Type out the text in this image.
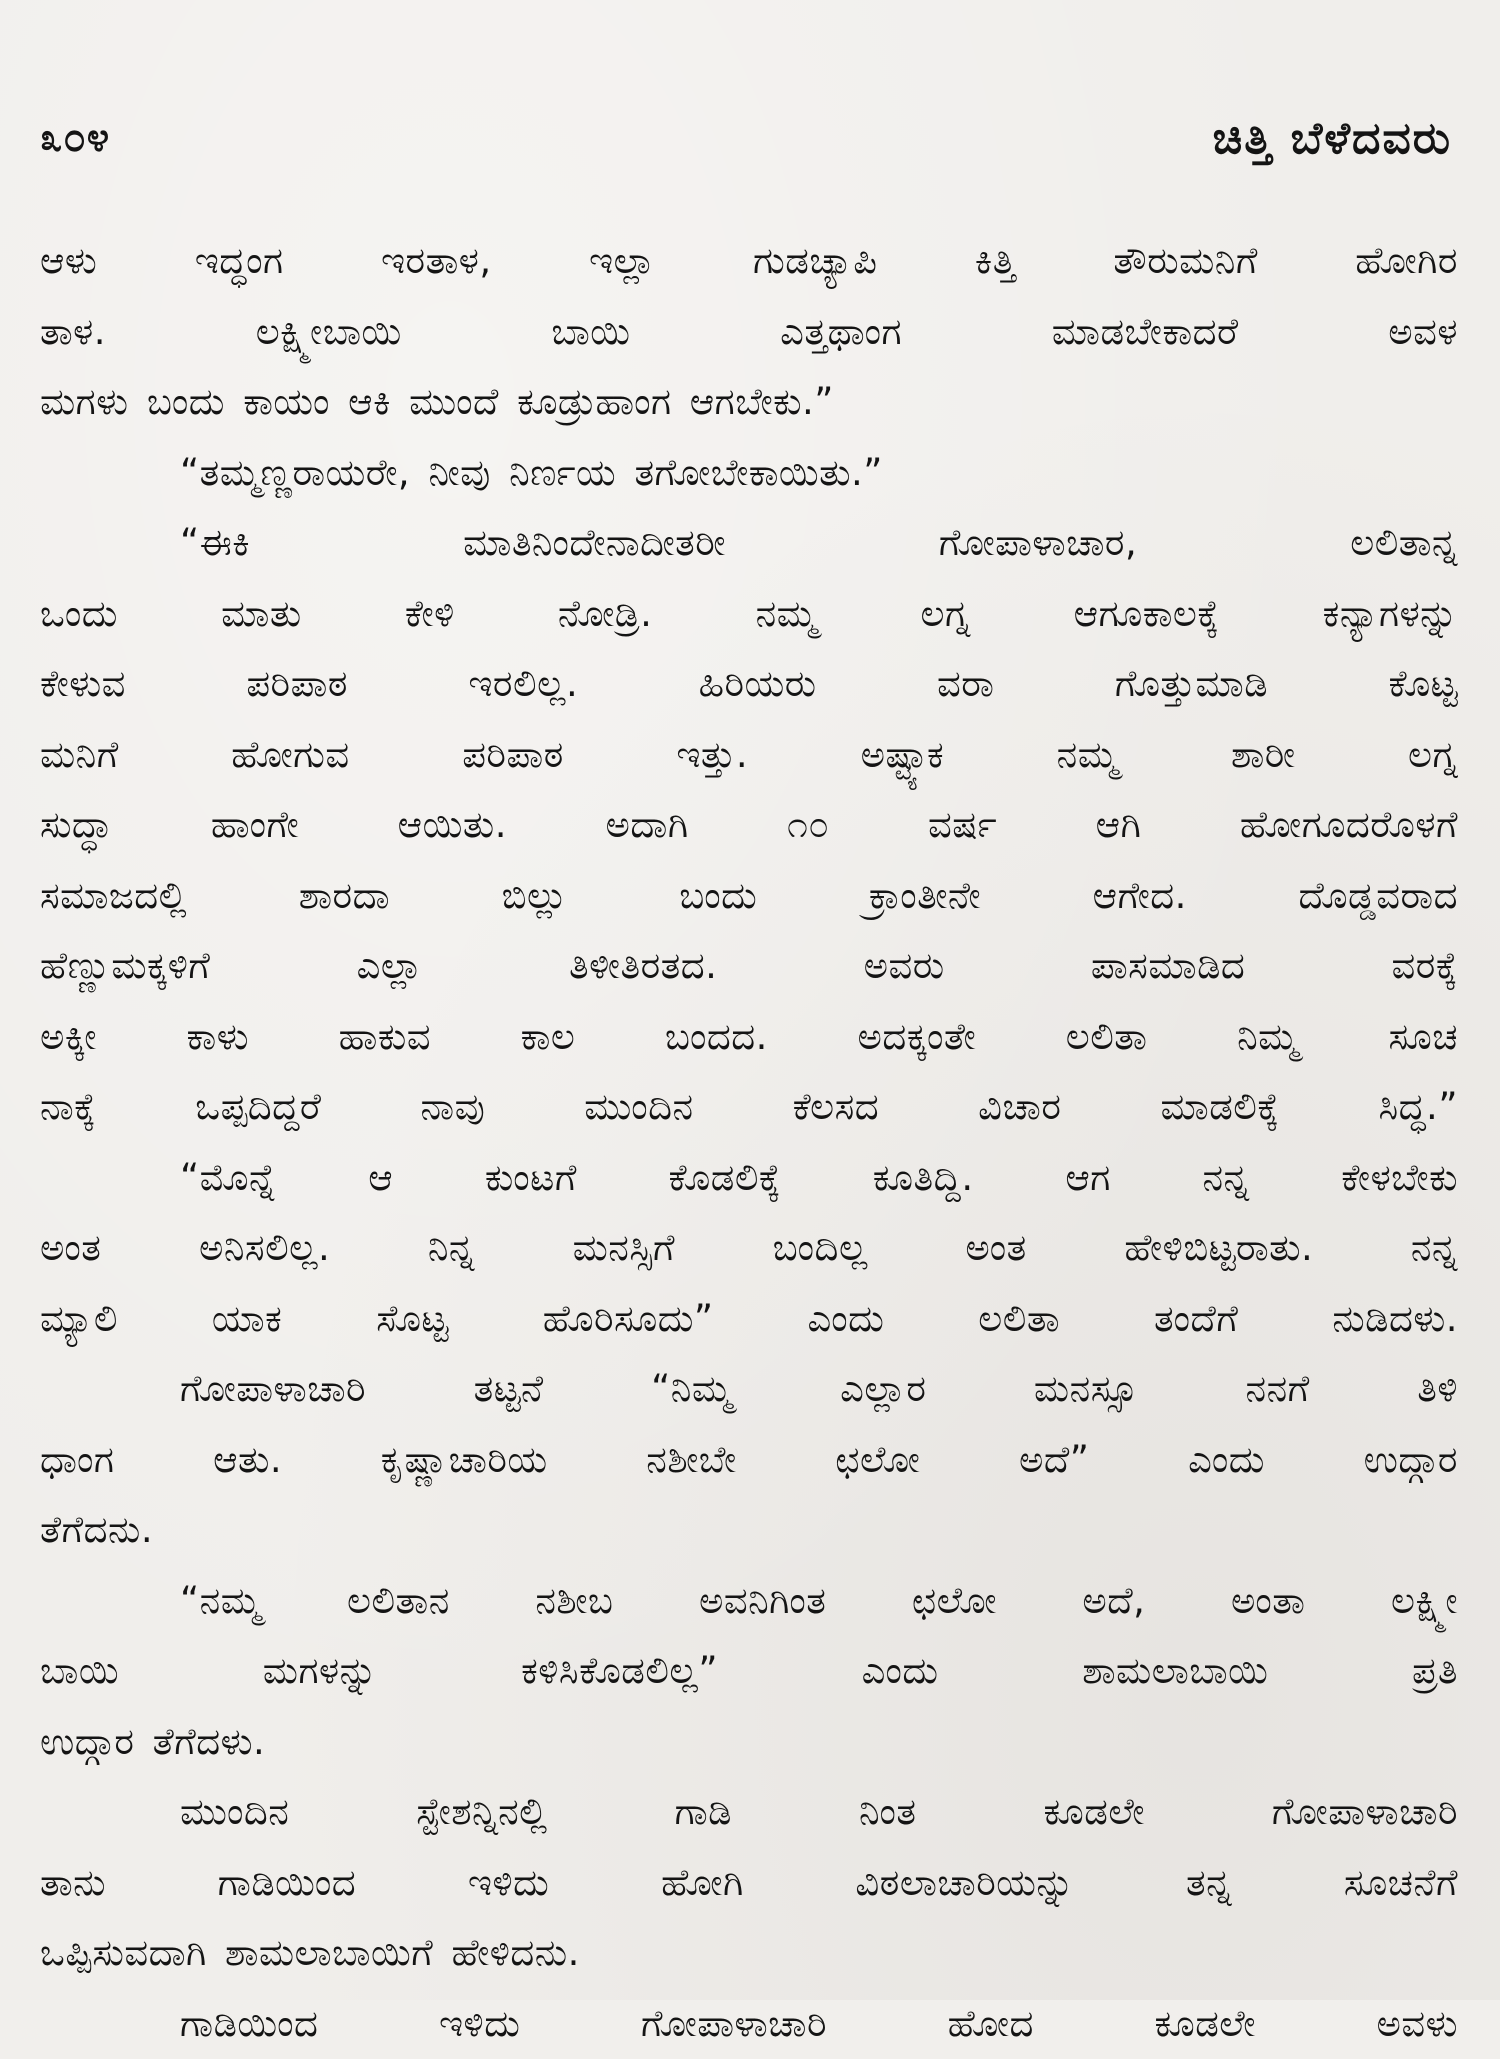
೩೦೪	ಚಿತ್ತಿ ಬೆಳೆದವರು
ಆಳು ಇದ್ಧಂಗ ಇರತಾಳ, ಇಲ್ಲಾ ಗುಡಚ್ಯಾಪಿ ಕಿತ್ತಿ ತೌರುಮನಿಗೆ ಹೋಗಿರ
ತಾಳ. ಲಕ್ಷ್ಮೀಬಾಯಿ ಬಾಯಿ ಎತ್ತಥಾಂಗ ಮಾಡಬೇಕಾದರೆ ಅವಳ
ಮಗಳು ಬಂದು ಕಾಯಂ ಆಕಿ ಮುಂದೆ ಕೂಡ್ರುಹಾಂಗ ಆಗಬೇಕು.”
“ತಮ್ಮಣ್ಣರಾಯರೇ, ನೀವು ನಿರ್ಣಯ ತಗೋಬೇಕಾಯಿತು.”
“ಈಕಿ ಮಾತಿನಿಂದೇನಾದೀತರೀ ಗೋಪಾಳಾಚಾರ, ಲಲಿತಾನ್ನ
ಒಂದು ಮಾತು ಕೇಳಿ ನೋಡ್ರಿ. ನಮ್ಮ ಲಗ್ನ ಆಗೂಕಾಲಕ್ಕೆ ಕನ್ಯಾಗಳನ್ನು
ಕೇಳುವ ಪರಿಪಾಠ ಇರಲಿಲ್ಲ. ಹಿರಿಯರು ವರಾ ಗೊತ್ತುಮಾಡಿ ಕೊಟ್ಟ
ಮನಿಗೆ ಹೋಗುವ ಪರಿಪಾಠ ಇತ್ತು. ಅಷ್ಟ್ಯಾಕ ನಮ್ಮ ಶಾರೀ ಲಗ್ನ
ಸುದ್ಧಾ ಹಾಂಗೇ ಆಯಿತು. ಅದಾಗಿ ೧೦ ವರ್ಷ ಆಗಿ ಹೋಗೂದರೊಳಗೆ
ಸಮಾಜದಲ್ಲಿ ಶಾರದಾ ಬಿಲ್ಲು ಬಂದು ಕ್ರಾಂತೀನೇ ಆಗೇದ. ದೊಡ್ಡವರಾದ
ಹೆಣ್ಣುಮಕ್ಕಳಿಗೆ ಎಲ್ಲಾ ತಿಳೀತಿರತದ. ಅವರು ಪಾಸಮಾಡಿದ ವರಕ್ಕೆ
ಅಕ್ಕೀ ಕಾಳು ಹಾಕುವ ಕಾಲ ಬಂದದ. ಅದಕ್ಕಂತೇ ಲಲಿತಾ ನಿಮ್ಮ ಸೂಚ
ನಾಕ್ಕೆ ಒಪ್ಪದಿದ್ದರೆ ನಾವು ಮುಂದಿನ ಕೆಲಸದ ವಿಚಾರ ಮಾಡಲಿಕ್ಕೆ ಸಿದ್ಧ.”
“ಮೊನ್ನೆ ಆ ಕುಂಟಗೆ ಕೊಡಲಿಕ್ಕೆ ಕೂತಿದ್ದಿ. ಆಗ ನನ್ನ ಕೇಳಬೇಕು
ಅಂತ ಅನಿಸಲಿಲ್ಲ. ನಿನ್ನ ಮನಸ್ಸಿಗೆ ಬಂದಿಲ್ಲ ಅಂತ ಹೇಳಿಬಿಟ್ಟರಾತು. ನನ್ನ
ಮ್ಯಾಲಿ ಯಾಕ ಸೊಟ್ಟ ಹೊರಿಸೂದು” ಎಂದು ಲಲಿತಾ ತಂದೆಗೆ ನುಡಿದಳು.
ಗೋಪಾಳಾಚಾರಿ ತಟ್ಟನೆ “ನಿಮ್ಮ ಎಲ್ಲಾರ ಮನಸ್ಸೂ ನನಗೆ ತಿಳಿ
ಧಾಂಗ ಆತು. ಕೃಷ್ಣಾಚಾರಿಯ ನಶೀಬೇ ಛಲೋ ಅದೆ” ಎಂದು ಉದ್ಗಾರ
ತೆಗೆದನು.
“ನಮ್ಮ ಲಲಿತಾನ ನಶೀಬ ಅವನಿಗಿಂತ ಛಲೋ ಅದೆ, ಅಂತಾ ಲಕ್ಷ್ಮೀ
ಬಾಯಿ ಮಗಳನ್ನು ಕಳಿಸಿಕೊಡಲಿಲ್ಲ” ಎಂದು ಶಾಮಲಾಬಾಯಿ ಪ್ರತಿ
ಉದ್ಗಾರ ತೆಗೆದಳು.
ಮುಂದಿನ ಸ್ಟೇಶನ್ನಿನಲ್ಲಿ ಗಾಡಿ ನಿಂತ ಕೂಡಲೇ ಗೋಪಾಳಾಚಾರಿ
ತಾನು ಗಾಡಿಯಿಂದ ಇಳಿದು ಹೋಗಿ ವಿಠಲಾಚಾರಿಯನ್ನು ತನ್ನ ಸೂಚನೆಗೆ
ಒಪ್ಪಿಸುವದಾಗಿ ಶಾಮಲಾಬಾಯಿಗೆ ಹೇಳಿದನು.
ಗಾಡಿಯಿಂದ ಇಳಿದು ಗೋಪಾಳಾಚಾರಿ ಹೋದ ಕೂಡಲೇ ಅವಳು
